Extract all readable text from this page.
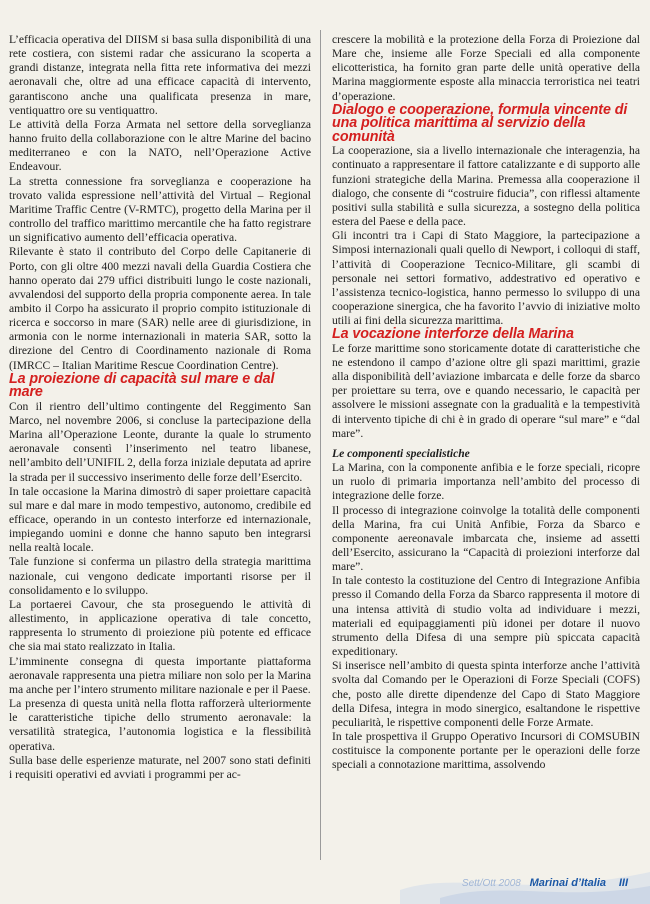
L’efficacia operativa del DIISM si basa sulla disponibilità di una rete costiera, con sistemi radar che assicurano la scoperta a grandi distanze, integrata nella fitta rete informativa dei mezzi aeronavali che, oltre ad una efficace capacità di intervento, garantiscono anche una qualificata presenza in mare, ventiquattro ore su ventiquattro.

Le attività della Forza Armata nel settore della sorveglianza hanno fruito della collaborazione con le altre Marine del bacino mediterraneo e con la NATO, nell’Operazione Active Endeavour.

La stretta connessione fra sorveglianza e cooperazione ha trovato valida espressione nell’attività del Virtual – Regional Maritime Traffic Centre (V-RMTC), progetto della Marina per il controllo del traffico marittimo mercantile che ha fatto registrare un significativo aumento dell’efficacia operativa.

Rilevante è stato il contributo del Corpo delle Capitanerie di Porto, con gli oltre 400 mezzi navali della Guardia Costiera che hanno operato dai 279 uffici distribuiti lungo le coste nazionali, avvalendosi del supporto della propria componente aerea. In tale ambito il Corpo ha assicurato il proprio compito istituzionale di ricerca e soccorso in mare (SAR) nelle aree di giurisdizione, in armonia con le norme internazionali in materia SAR, sotto la direzione del Centro di Coordinamento nazionale di Roma (IMRCC – Italian Maritime Rescue Coordination Centre).

La proiezione di capacità sul mare e dal mare

Con il rientro dell’ultimo contingente del Reggimento San Marco, nel novembre 2006, si concluse la partecipazione della Marina all’Operazione Leonte, durante la quale lo strumento aeronavale consentì l’inserimento nel teatro libanese, nell’ambito dell’UNIFIL 2, della forza iniziale deputata ad aprire la strada per il successivo inserimento delle forze dell’Esercito.

In tale occasione la Marina dimostrò di saper proiettare capacità sul mare e dal mare in modo tempestivo, autonomo, credibile ed efficace, operando in un contesto interforze ed internazionale, impiegando uomini e donne che hanno saputo ben integrarsi nella realtà locale.

Tale funzione si conferma un pilastro della strategia marittima nazionale, cui vengono dedicate importanti risorse per il consolidamento e lo sviluppo.

La portaerei Cavour, che sta proseguendo le attività di allestimento, in applicazione operativa di tale concetto, rappresenta lo strumento di proiezione più potente ed efficace che sia mai stato realizzato in Italia.

L’imminente consegna di questa importante piattaforma aeronavale rappresenta una pietra miliare non solo per la Marina ma anche per l’intero strumento militare nazionale e per il Paese.

La presenza di questa unità nella flotta rafforzerà ulteriormente le caratteristiche tipiche dello strumento aeronavale: la versatilità strategica, l’autonomia logistica e la flessibilità operativa.

Sulla base delle esperienze maturate, nel 2007 sono stati definiti i requisiti operativi ed avviati i programmi per ac-

crescere la mobilità e la protezione della Forza di Proiezione dal Mare che, insieme alle Forze Speciali ed alla componente elicotteristica, ha fornito gran parte delle unità operative della Marina maggiormente esposte alla minaccia terroristica nei teatri d’operazione.

Dialogo e cooperazione, formula vincente di una politica marittima al servizio della comunità

La cooperazione, sia a livello internazionale che interagenzia, ha continuato a rappresentare il fattore catalizzante e di supporto alle funzioni strategiche della Marina. Premessa alla cooperazione il dialogo, che consente di “costruire fiducia”, con riflessi altamente positivi sulla stabilità e sulla sicurezza, a sostegno della politica estera del Paese e della pace.

Gli incontri tra i Capi di Stato Maggiore, la partecipazione a Simposi internazionali quali quello di Newport, i colloqui di staff, l’attività di Cooperazione Tecnico-Militare, gli scambi di personale nei settori formativo, addestrativo ed operativo e l’assistenza tecnico-logistica, hanno permesso lo sviluppo di una cooperazione sinergica, che ha favorito l’avvio di iniziative molto utili ai fini della sicurezza marittima.

La vocazione interforze della Marina

Le forze marittime sono storicamente dotate di caratteristiche che ne estendono il campo d’azione oltre gli spazi marittimi, grazie alla disponibilità dell’aviazione imbarcata e delle forze da sbarco per proiettare su terra, ove e quando necessario, le capacità per assolvere le missioni assegnate con la gradualità e la tempestività di intervento tipiche di chi è in grado di operare “sul mare” e “dal mare”.

Le componenti specialistiche

La Marina, con la componente anfibia e le forze speciali, ricopre un ruolo di primaria importanza nell’ambito del processo di integrazione delle forze.

Il processo di integrazione coinvolge la totalità delle componenti della Marina, fra cui Unità Anfibie, Forza da Sbarco e componente aereonavale imbarcata che, insieme ad assetti dell’Esercito, assicurano la “Capacità di proiezioni interforze dal mare”.

In tale contesto la costituzione del Centro di Integrazione Anfibia presso il Comando della Forza da Sbarco rappresenta il motore di una intensa attività di studio volta ad individuare i mezzi, materiali ed equipaggiamenti più idonei per dotare il nuovo strumento della Difesa di una sempre più spiccata capacità expeditionary.

Si inserisce nell’ambito di questa spinta interforze anche l’attività svolta dal Comando per le Operazioni di Forze Speciali (COFS) che, posto alle dirette dipendenze del Capo di Stato Maggiore della Difesa, integra in modo sinergico, esaltandone le rispettive peculiarità, le rispettive componenti delle Forze Armate.

In tale prospettiva il Gruppo Operativo Incursori di COMSUBIN costituisce la componente portante per le operazioni delle forze speciali a connotazione marittima, assolvendo

Sett/Ott 2008 Marinai d’Italia III
